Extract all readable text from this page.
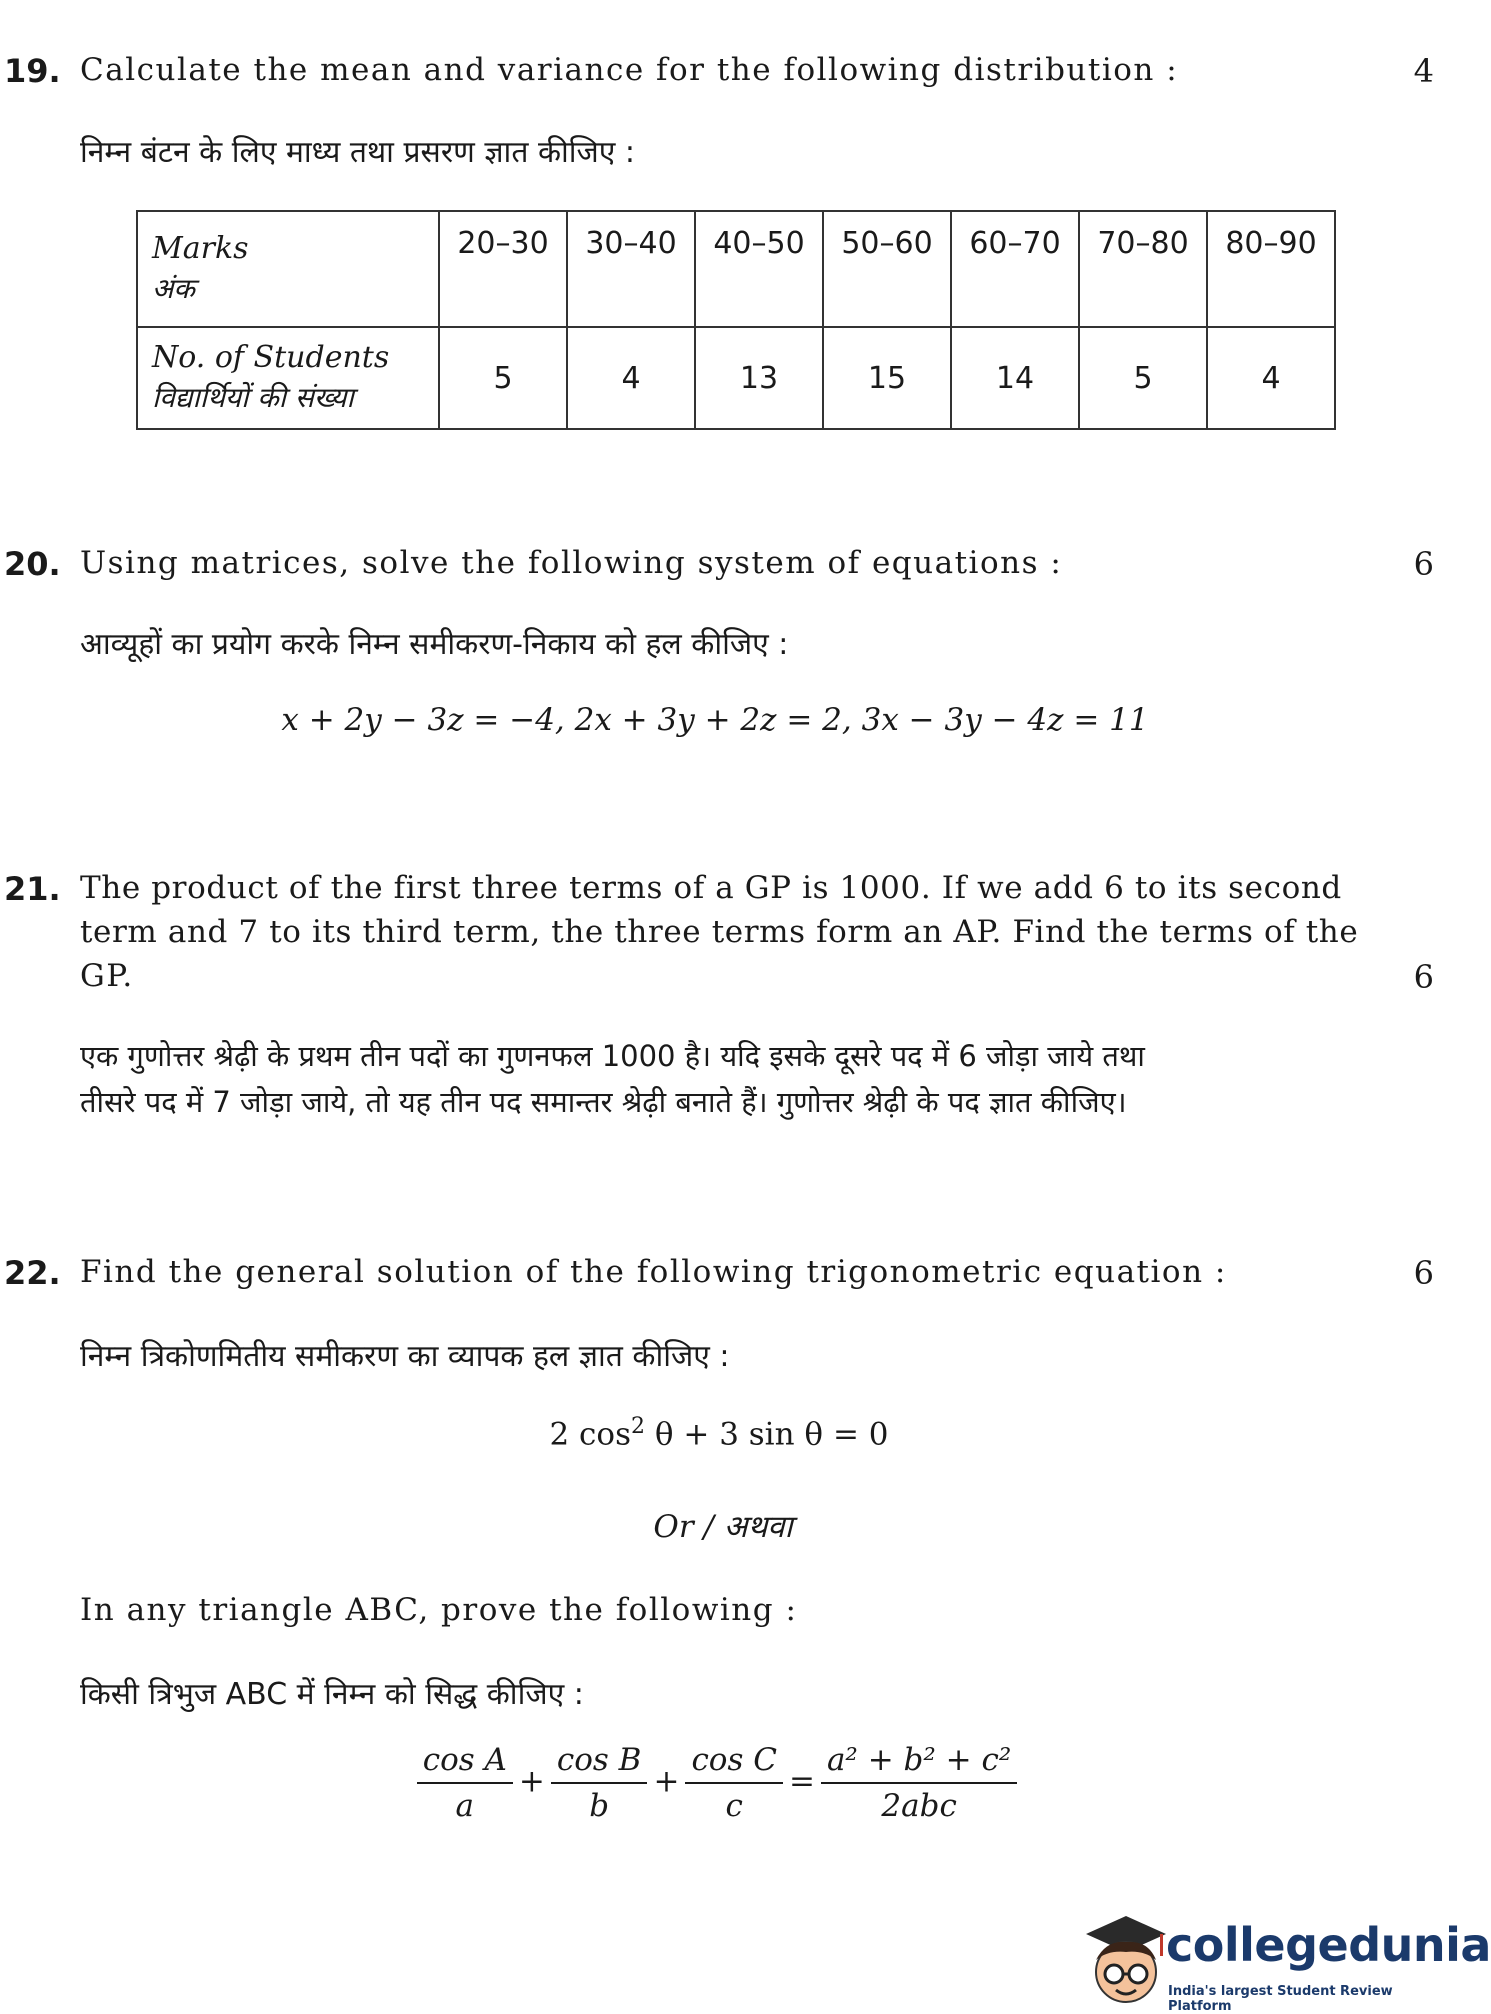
19. Calculate the mean and variance for the following distribution :	4
निम्न बंटन के लिए माध्य तथा प्रसरण ज्ञात कीजिए :
Marks
अंक	20–30	30–40	40–50	50–60	60–70	70–80	80–90
No. of Students
विद्यार्थियों की संख्या	5	4	13	15	14	5	4
20. Using matrices, solve the following system of equations :	6
आव्यूहों का प्रयोग करके निम्न समीकरण-निकाय को हल कीजिए :
x + 2y − 3z = −4, 2x + 3y + 2z = 2, 3x − 3y − 4z = 11
21. The product of the first three terms of a GP is 1000. If we add 6 to its second
term and 7 to its third term, the three terms form an AP. Find the terms of the
GP.	6
एक गुणोत्तर श्रेढ़ी के प्रथम तीन पदों का गुणनफल 1000 है। यदि इसके दूसरे पद में 6 जोड़ा जाये तथा
तीसरे पद में 7 जोड़ा जाये, तो यह तीन पद समान्तर श्रेढ़ी बनाते हैं। गुणोत्तर श्रेढ़ी के पद ज्ञात कीजिए।
22. Find the general solution of the following trigonometric equation :	6
निम्न त्रिकोणमितीय समीकरण का व्यापक हल ज्ञात कीजिए :
2 $\cos^2 \theta + 3$ sin θ = 0
Or / अथवा
In any triangle ABC, prove the following :
किसी त्रिभुज ABC में निम्न को सिद्ध कीजिए :
$\frac{\text{cos A}}{a} + \frac{\text{cos B}}{b} + \frac{\text{cos C}}{c} = \frac{\text{a² + b² + c²}}{\text{2abc}}$
collegedunia
India's largest Student Review Platform
